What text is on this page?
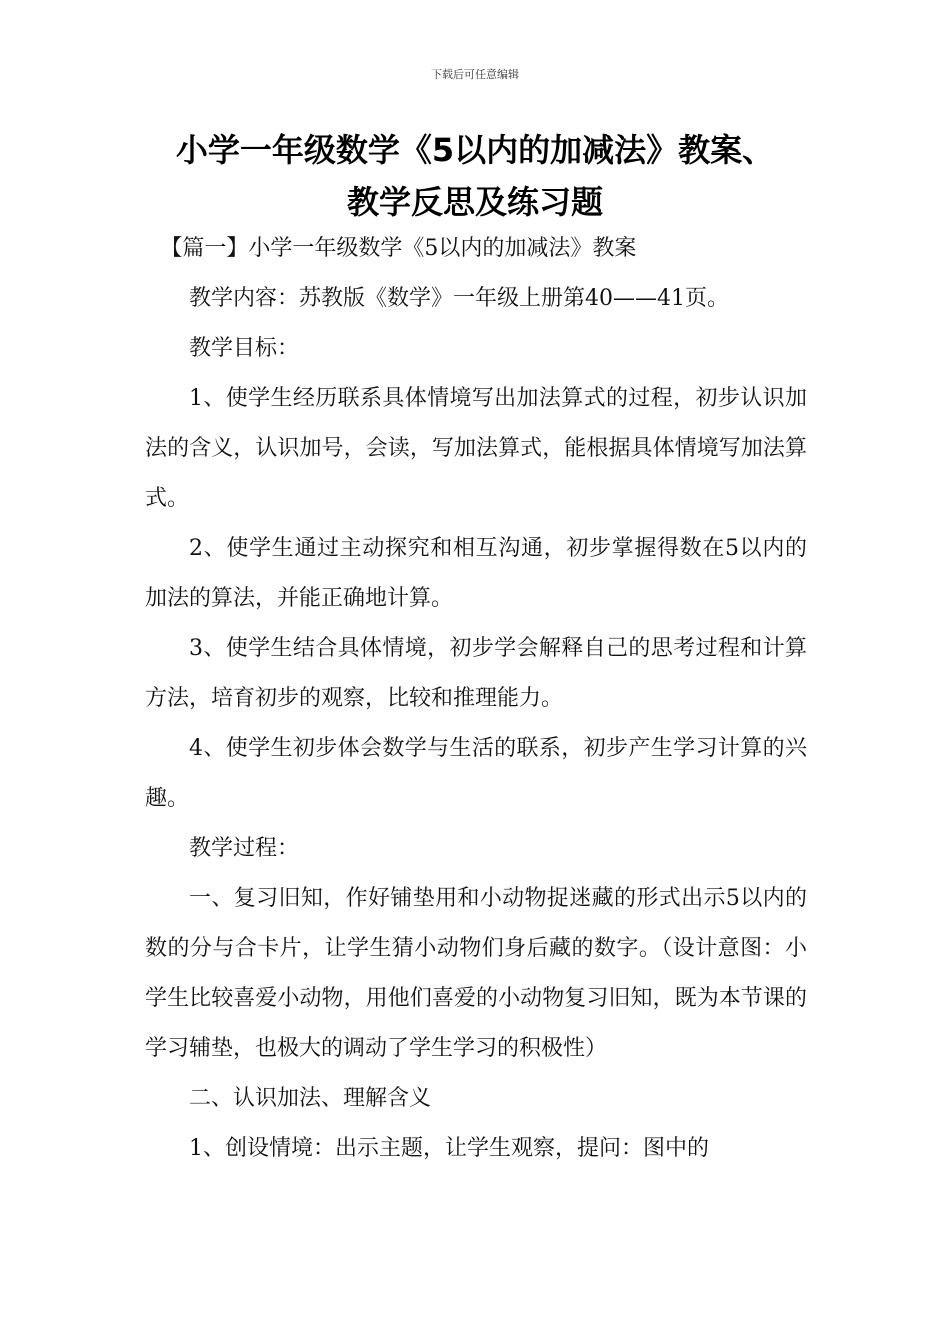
下载后可任意编辑
小学一年级数学《5以内的加减法》教案、
教学反思及练习题

【篇一】小学一年级数学《5以内的加减法》教案

教学内容：苏教版《数学》一年级上册第40——41页。

教学目标：

1、使学生经历联系具体情境写出加法算式的过程，初步认识加法的含义，认识加号，会读，写加法算式，能根据具体情境写加法算式。

2、使学生通过主动探究和相互沟通，初步掌握得数在5以内的加法的算法，并能正确地计算。

3、使学生结合具体情境，初步学会解释自己的思考过程和计算方法，培育初步的观察，比较和推理能力。

4、使学生初步体会数学与生活的联系，初步产生学习计算的兴趣。

教学过程：

一、复习旧知，作好铺垫用和小动物捉迷藏的形式出示5以内的数的分与合卡片，让学生猜小动物们身后藏的数字。（设计意图：小学生比较喜爱小动物，用他们喜爱的小动物复习旧知，既为本节课的学习辅垫，也极大的调动了学生学习的积极性）

二、认识加法、理解含义

1、创设情境：出示主题，让学生观察，提问：图中的
